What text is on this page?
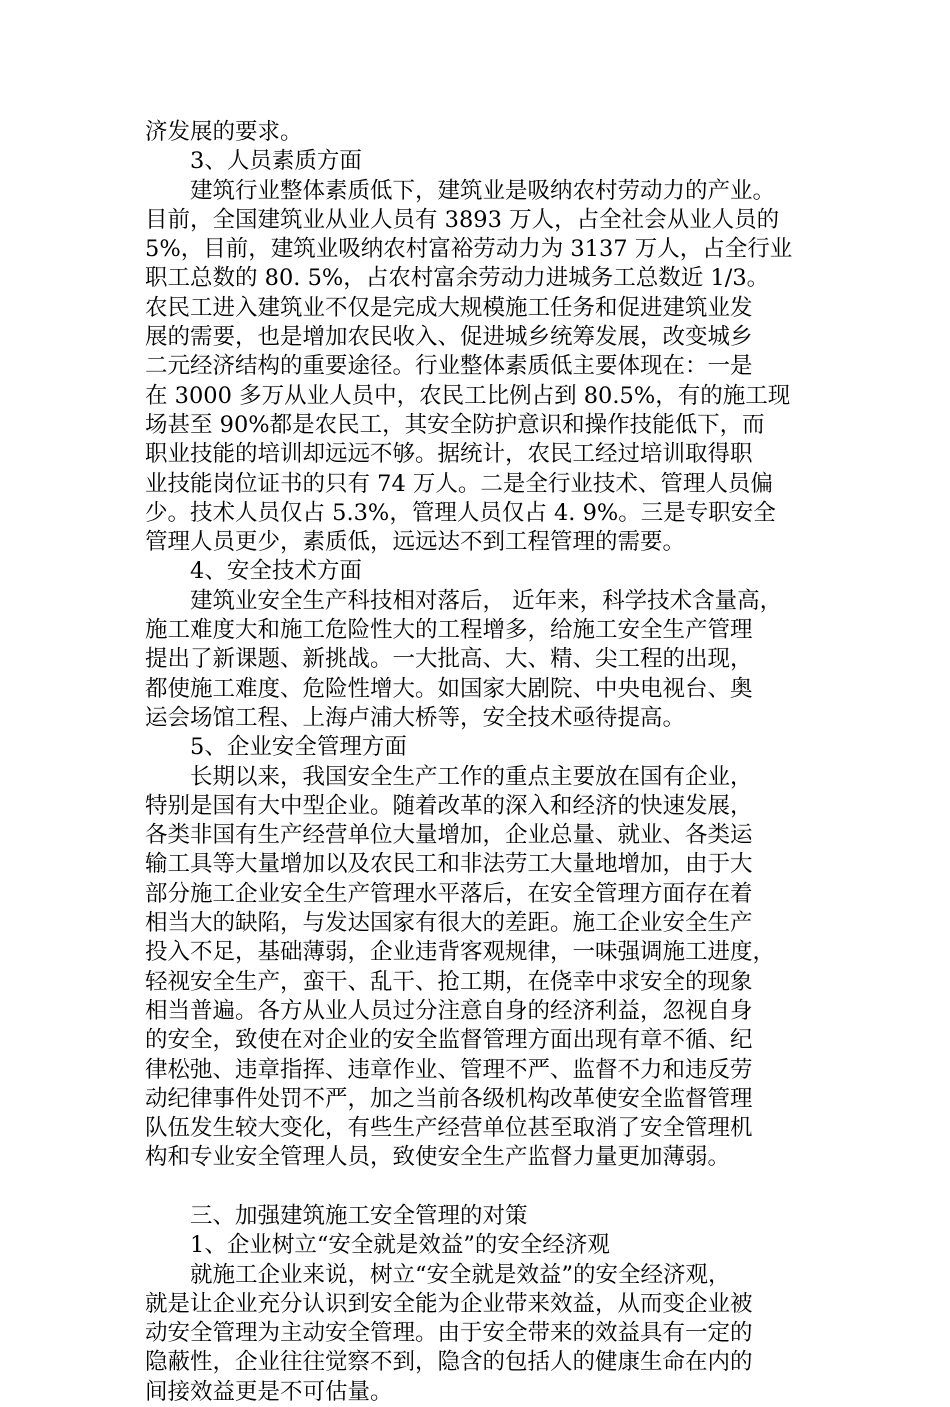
济发展的要求。
3、人员素质方面
建筑行业整体素质低下，建筑业是吸纳农村劳动力的产业。
目前，全国建筑业从业人员有 3893 万人，占全社会从业人员的
5%，目前，建筑业吸纳农村富裕劳动力为 3137 万人，占全行业
职工总数的 80. 5%，占农村富余劳动力进城务工总数近 1/3。
农民工进入建筑业不仅是完成大规模施工任务和促进建筑业发
展的需要，也是增加农民收入、促进城乡统筹发展，改变城乡
二元经济结构的重要途径。行业整体素质低主要体现在：一是
在 3000 多万从业人员中，农民工比例占到 80.5%，有的施工现
场甚至 90%都是农民工，其安全防护意识和操作技能低下，而
职业技能的培训却远远不够。据统计，农民工经过培训取得职
业技能岗位证书的只有 74 万人。二是全行业技术、管理人员偏
少。技术人员仅占 5.3%，管理人员仅占 4. 9%。三是专职安全
管理人员更少，素质低，远远达不到工程管理的需要。
4、安全技术方面
建筑业安全生产科技相对落后， 近年来，科学技术含量高，
施工难度大和施工危险性大的工程增多，给施工安全生产管理
提出了新课题、新挑战。一大批高、大、精、尖工程的出现，
都使施工难度、危险性增大。如国家大剧院、中央电视台、奥
运会场馆工程、上海卢浦大桥等，安全技术亟待提高。
5、企业安全管理方面
长期以来，我国安全生产工作的重点主要放在国有企业，
特别是国有大中型企业。随着改革的深入和经济的快速发展，
各类非国有生产经营单位大量增加，企业总量、就业、各类运
输工具等大量增加以及农民工和非法劳工大量地增加，由于大
部分施工企业安全生产管理水平落后，在安全管理方面存在着
相当大的缺陷，与发达国家有很大的差距。施工企业安全生产
投入不足，基础薄弱，企业违背客观规律，一味强调施工进度，
轻视安全生产，蛮干、乱干、抢工期，在侥幸中求安全的现象
相当普遍。各方从业人员过分注意自身的经济利益，忽视自身
的安全，致使在对企业的安全监督管理方面出现有章不循、纪
律松弛、违章指挥、违章作业、管理不严、监督不力和违反劳
动纪律事件处罚不严，加之当前各级机构改革使安全监督管理
队伍发生较大变化，有些生产经营单位甚至取消了安全管理机
构和专业安全管理人员，致使安全生产监督力量更加薄弱。
三、加强建筑施工安全管理的对策
1、企业树立“安全就是效益”的安全经济观
就施工企业来说，树立“安全就是效益”的安全经济观，
就是让企业充分认识到安全能为企业带来效益，从而变企业被
动安全管理为主动安全管理。由于安全带来的效益具有一定的
隐蔽性，企业往往觉察不到，隐含的包括人的健康生命在内的
间接效益更是不可估量。
